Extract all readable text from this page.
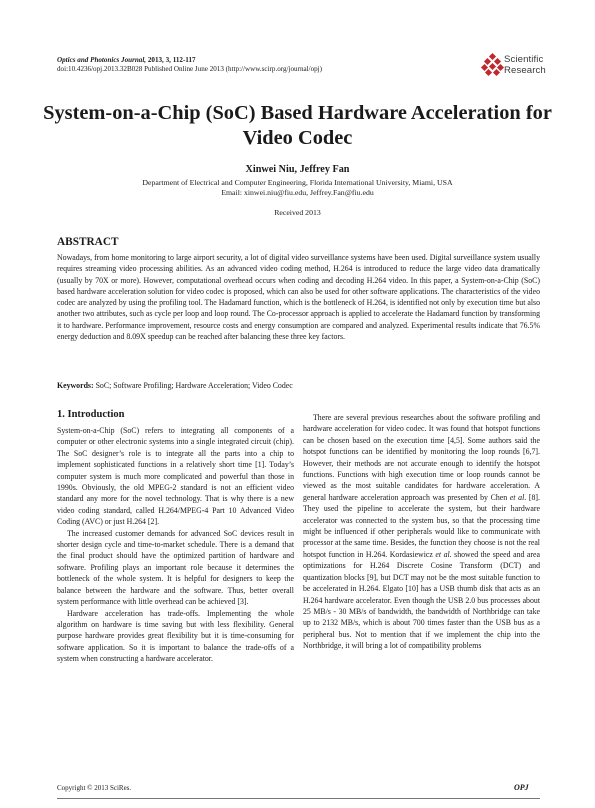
Optics and Photonics Journal, 2013, 3, 112-117
doi:10.4236/opj.2013.32B028 Published Online June 2013 (http://www.scirp.org/journal/opj)
Scientific
Research
System-on-a-Chip (SoC) Based Hardware Acceleration for Video Codec
Xinwei Niu, Jeffrey Fan
Department of Electrical and Computer Engineering, Florida International University, Miami, USA
Email: xinwei.niu@fiu.edu, Jeffrey.Fan@fiu.edu
Received 2013
ABSTRACT
Nowadays, from home monitoring to large airport security, a lot of digital video surveillance systems have been used. Digital surveillance system usually requires streaming video processing abilities. As an advanced video coding method, H.264 is introduced to reduce the large video data dramatically (usually by 70X or more). However, computational overhead occurs when coding and decoding H.264 video. In this paper, a System-on-a-Chip (SoC) based hardware acceleration solution for video codec is proposed, which can also be used for other software applications. The characteristics of the video codec are analyzed by using the profiling tool. The Hadamard function, which is the bottleneck of H.264, is identified not only by execution time but also another two attributes, such as cycle per loop and loop round. The Co-processor approach is applied to accelerate the Hadamard function by transforming it to hardware. Performance improvement, resource costs and energy consumption are compared and analyzed. Experimental results indicate that 76.5% energy deduction and 8.09X speedup can be reached after balancing these three key factors.
Keywords: SoC; Software Profiling; Hardware Acceleration; Video Codec
1. Introduction

System-on-a-Chip (SoC) refers to integrating all components of a computer or other electronic systems into a single integrated circuit (chip). The SoC designer’s role is to integrate all the parts into a chip to implement sophisticated functions in a relatively short time [1]. Today’s computer system is much more complicated and powerful than those in 1990s. Obviously, the old MPEG-2 standard is not an efficient video standard any more for the novel technology. That is why there is a new video coding standard, called H.264/MPEG-4 Part 10 Advanced Video Coding (AVC) or just H.264 [2].

The increased customer demands for advanced SoC devices result in shorter design cycle and time-to-market schedule. There is a demand that the final product should have the optimized partition of hardware and software. Profiling plays an important role because it determines the bottleneck of the whole system. It is helpful for designers to keep the balance between the hardware and the software. Thus, better overall system performance with little overhead can be achieved [3].

Hardware acceleration has trade-offs. Implementing the whole algorithm on hardware is time saving but with less flexibility. General purpose hardware provides great flexibility but it is time-consuming for software application. So it is important to balance the trade-offs of a system when constructing a hardware accelerator.

There are several previous researches about the software profiling and hardware acceleration for video codec. It was found that hotspot functions can be chosen based on the execution time [4,5]. Some authors said the hotspot functions can be identified by monitoring the loop rounds [6,7]. However, their methods are not accurate enough to identify the hotspot functions. Functions with high execution time or loop rounds cannot be viewed as the most suitable candidates for hardware acceleration. A general hardware acceleration approach was presented by Chen et al. [8]. They used the pipeline to accelerate the system, but their hardware accelerator was connected to the system bus, so that the processing time might be influenced if other peripherals would like to communicate with processor at the same time. Besides, the function they choose is not the real hotspot function in H.264. Kordasiewicz et al. showed the speed and area optimizations for H.264 Discrete Cosine Transform (DCT) and quantization blocks [9], but DCT may not be the most suitable function to be accelerated in H.264. Elgato [10] has a USB thumb disk that acts as an H.264 hardware accelerator. Even though the USB 2.0 bus processes about 25 MB/s - 30 MB/s of bandwidth, the bandwidth of Northbridge can take up to 2132 MB/s, which is about 700 times faster than the USB bus as a peripheral bus. Not to mention that if we implement the chip into the Northbridge, it will bring a lot of compatibility problems

Copyright © 2013 SciRes.	OPJ
